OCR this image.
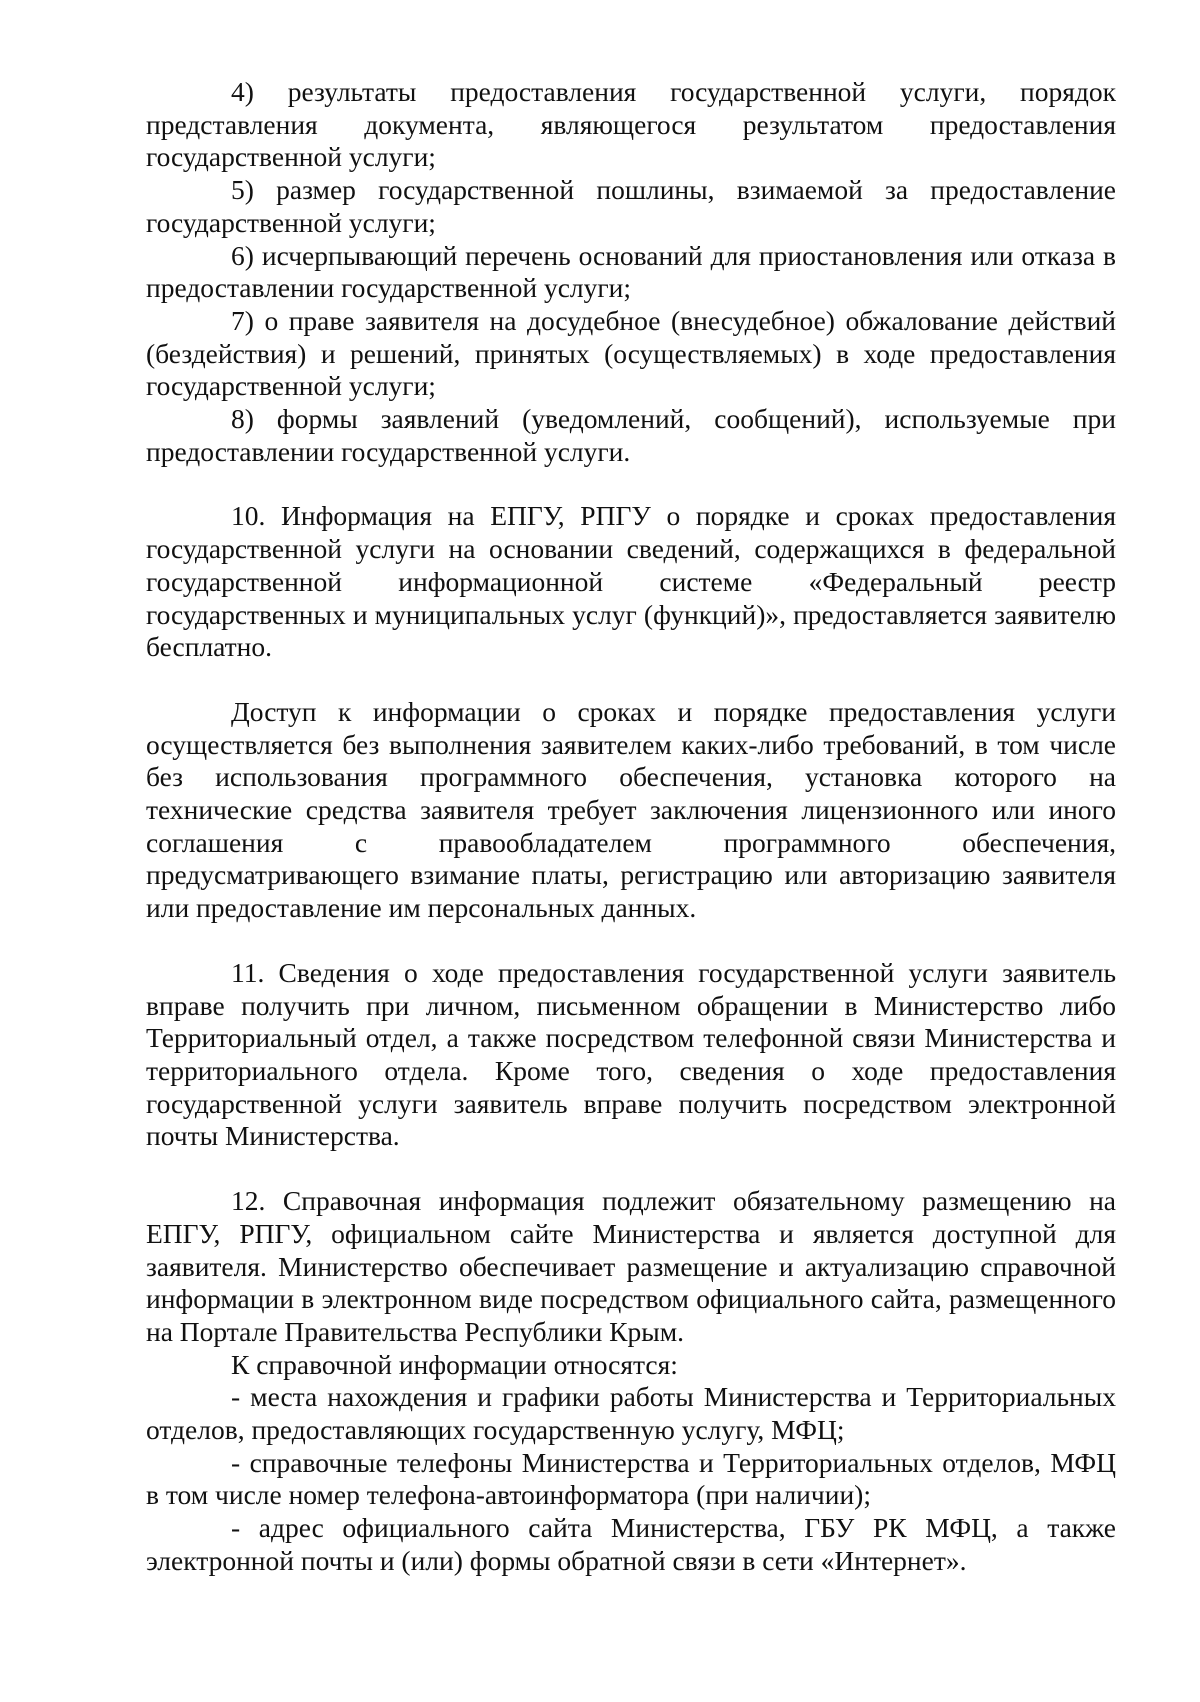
4) результаты предоставления государственной услуги, порядок представления документа, являющегося результатом предоставления государственной услуги;

5) размер государственной пошлины, взимаемой за предоставление государственной услуги;

6) исчерпывающий перечень оснований для приостановления или отказа в предоставлении государственной услуги;

7) о праве заявителя на досудебное (внесудебное) обжалование действий (бездействия) и решений, принятых (осуществляемых) в ходе предоставления государственной услуги;

8) формы заявлений (уведомлений, сообщений), используемые при предоставлении государственной услуги.

10. Информация на ЕПГУ, РПГУ о порядке и сроках предоставления государственной услуги на основании сведений, содержащихся в федеральной государственной информационной системе «Федеральный реестр государственных и муниципальных услуг (функций)», предоставляется заявителю бесплатно.

Доступ к информации о сроках и порядке предоставления услуги осуществляется без выполнения заявителем каких-либо требований, в том числе без использования программного обеспечения, установка которого на технические средства заявителя требует заключения лицензионного или иного соглашения с правообладателем программного обеспечения, предусматривающего взимание платы, регистрацию или авторизацию заявителя или предоставление им персональных данных.

11. Сведения о ходе предоставления государственной услуги заявитель вправе получить при личном, письменном обращении в Министерство либо Территориальный отдел, а также посредством телефонной связи Министерства и территориального отдела. Кроме того, сведения о ходе предоставления государственной услуги заявитель вправе получить посредством электронной почты Министерства.

12. Справочная информация подлежит обязательному размещению на ЕПГУ, РПГУ, официальном сайте Министерства и является доступной для заявителя. Министерство обеспечивает размещение и актуализацию справочной информации в электронном виде посредством официального сайта, размещенного на Портале Правительства Республики Крым.

К справочной информации относятся:

- места нахождения и графики работы Министерства и Территориальных отделов, предоставляющих государственную услугу, МФЦ;

- справочные телефоны Министерства и Территориальных отделов, МФЦ в том числе номер телефона-автоинформатора (при наличии);

- адрес официального сайта Министерства, ГБУ РК МФЦ, а также электронной почты и (или) формы обратной связи в сети «Интернет».
